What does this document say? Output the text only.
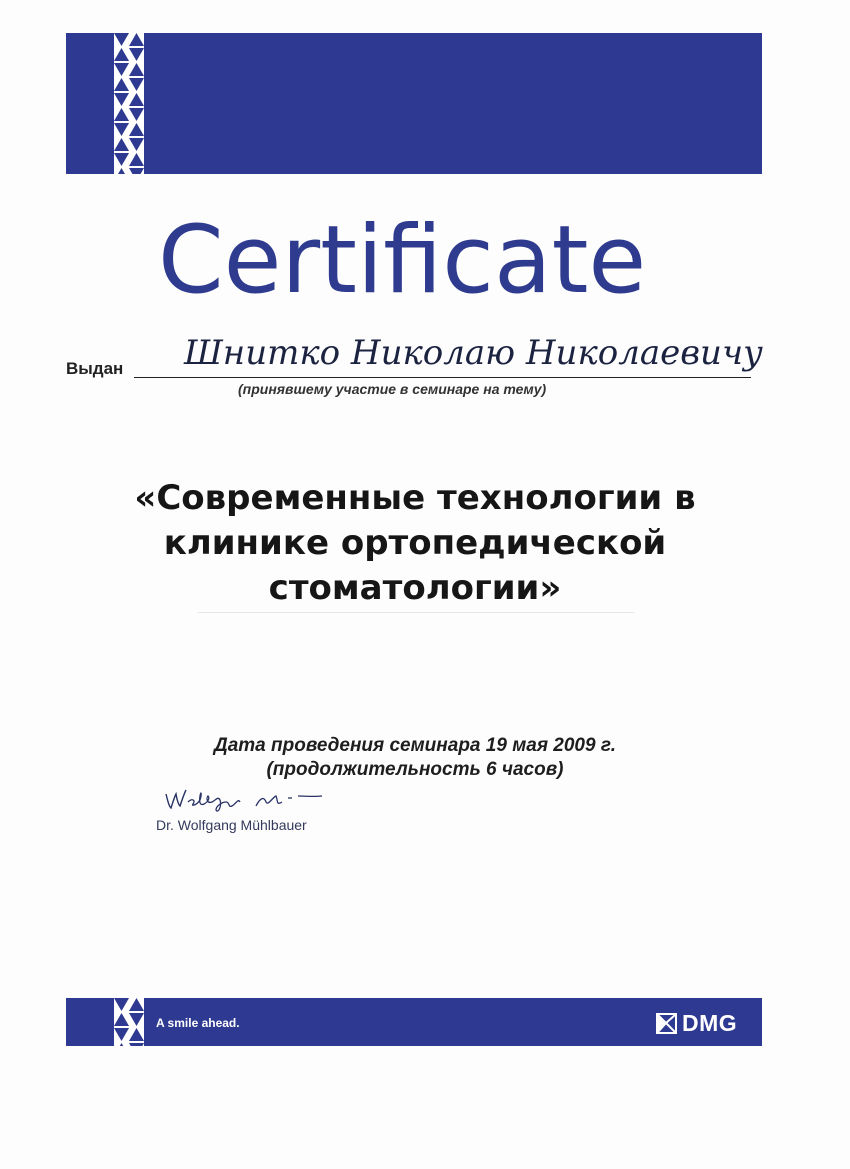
Certificate
Выдан Шнитко Николаю Николаевичу
(принявшему участие в семинаре на тему)
«Современные технологии в
клинике ортопедической
стоматологии»
Дата проведения семинара 19 мая 2009 г.
(продолжительность 6 часов)
Dr. Wolfgang Mühlbauer
A smile ahead.	DMG
